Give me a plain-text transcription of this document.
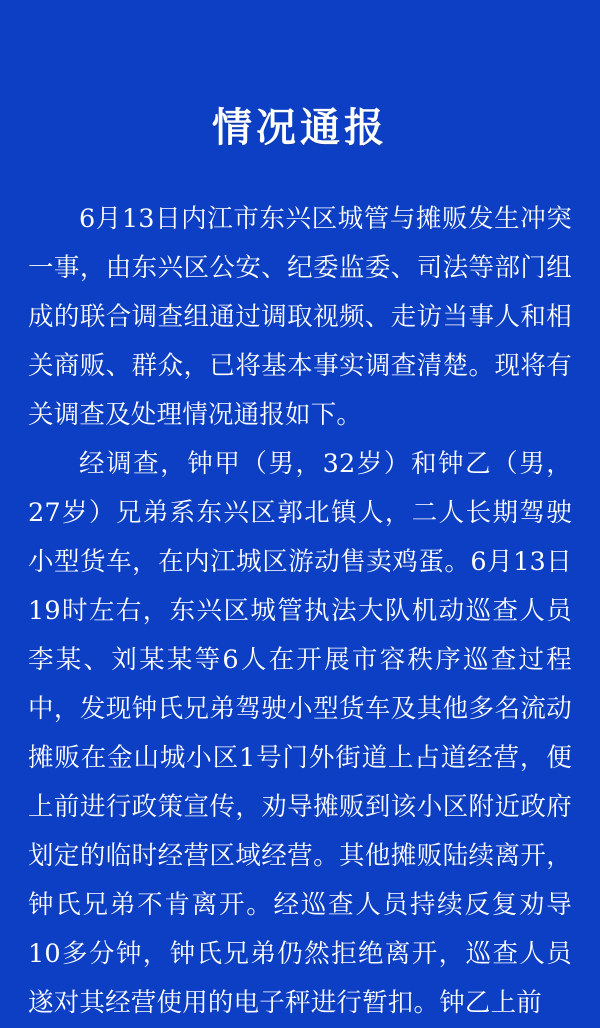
情况通报

6月13日内江市东兴区城管与摊贩发生冲突一事，由东兴区公安、纪委监委、司法等部门组成的联合调查组通过调取视频、走访当事人和相关商贩、群众，已将基本事实调查清楚。现将有关调查及处理情况通报如下。

经调查，钟甲（男，32岁）和钟乙（男，27岁）兄弟系东兴区郭北镇人，二人长期驾驶小型货车，在内江城区游动售卖鸡蛋。6月13日19时左右，东兴区城管执法大队机动巡查人员李某、刘某某等6人在开展市容秩序巡查过程中，发现钟氏兄弟驾驶小型货车及其他多名流动摊贩在金山城小区1号门外街道上占道经营，便上前进行政策宣传，劝导摊贩到该小区附近政府划定的临时经营区域经营。其他摊贩陆续离开，钟氏兄弟不肯离开。经巡查人员持续反复劝导10多分钟，钟氏兄弟仍然拒绝离开，巡查人员遂对其经营使用的电子秤进行暂扣。钟乙上前
